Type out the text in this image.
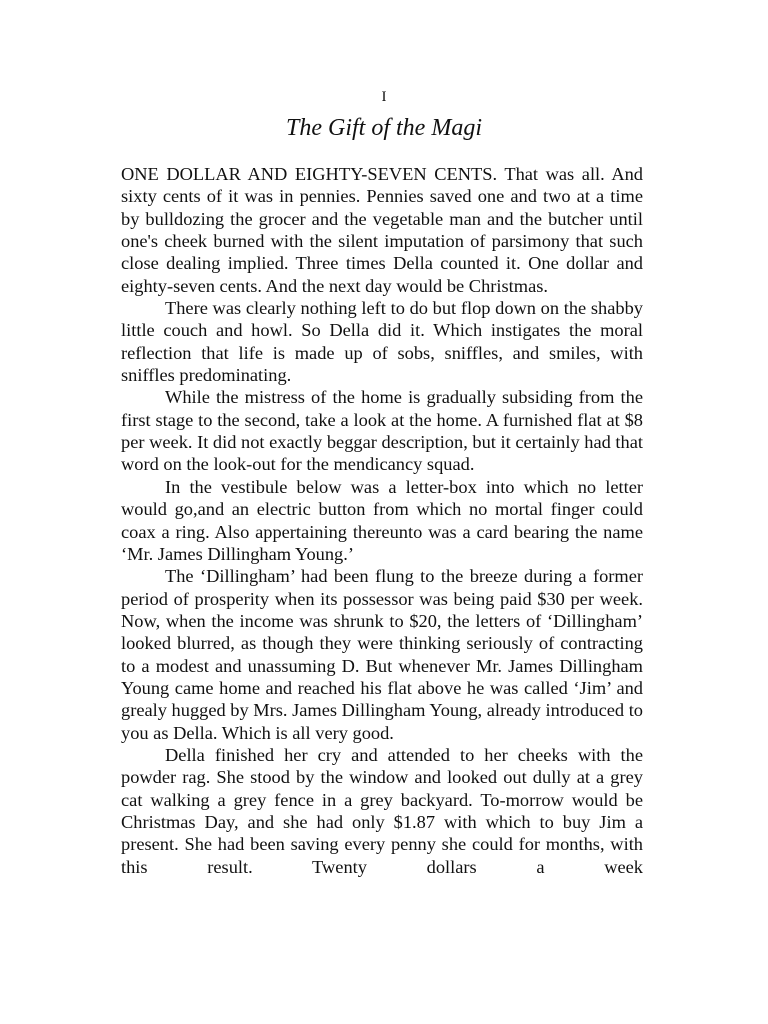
I
The Gift of the Magi

ONE DOLLAR AND EIGHTY-SEVEN CENTS. That was all. And sixty cents of it was in pennies. Pennies saved one and two at a time by bulldozing the grocer and the vegetable man and the butcher until one's cheek burned with the silent imputation of parsimony that such close dealing implied. Three times Della counted it. One dollar and eighty-seven cents. And the next day would be Christmas.

There was clearly nothing left to do but flop down on the shabby little couch and howl. So Della did it. Which instigates the moral reflection that life is made up of sobs, sniffles, and smiles, with sniffles predominating.

While the mistress of the home is gradually subsiding from the first stage to the second, take a look at the home. A furnished flat at $8 per week. It did not exactly beggar description, but it certainly had that word on the look-out for the mendicancy squad.

In the vestibule below was a letter-box into which no letter would go,and an electric button from which no mortal finger could coax a ring. Also appertaining thereunto was a card bearing the name ‘Mr. James Dillingham Young.’

The ‘Dillingham’ had been flung to the breeze during a former period of prosperity when its possessor was being paid $30 per week. Now, when the income was shrunk to $20, the letters of ‘Dillingham’ looked blurred, as though they were thinking seriously of contracting to a modest and unassuming D. But whenever Mr. James Dillingham Young came home and reached his flat above he was called ‘Jim’ and grealy hugged by Mrs. James Dillingham Young, already introduced to you as Della. Which is all very good.

Della finished her cry and attended to her cheeks with the powder rag. She stood by the window and looked out dully at a grey cat walking a grey fence in a grey backyard. To-morrow would be Christmas Day, and she had only $1.87 with which to buy Jim a present. She had been saving every penny she could for months, with this result. Twenty dollars a week
